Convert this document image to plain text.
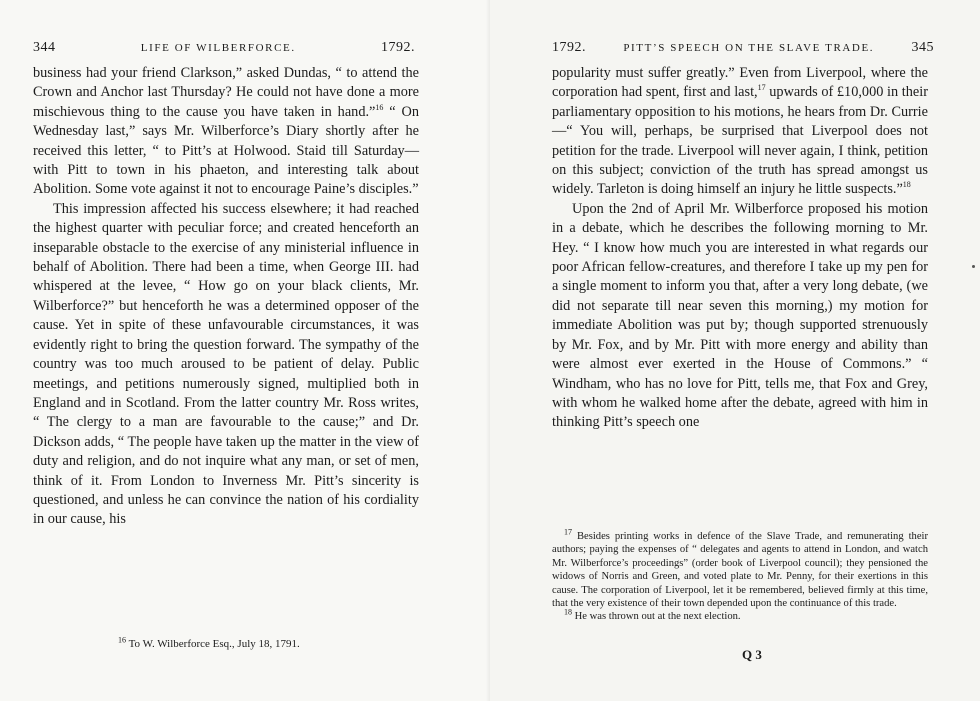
344	LIFE OF WILBERFORCE.	1792.

business had your friend Clarkson,” asked Dundas, “ to attend the Crown and Anchor last Thursday? He could not have done a more mischievous thing to the cause you have taken in hand.”$^{16}$ “ On Wednesday last,” says Mr. Wilberforce’s Diary shortly after he received this letter, “ to Pitt’s at Holwood. Staid till Saturday—with Pitt to town in his phaeton, and interesting talk about Abolition. Some vote against it not to encourage Paine’s disciples.”

This impression affected his success elsewhere; it had reached the highest quarter with peculiar force; and created henceforth an inseparable obstacle to the exercise of any ministerial influence in behalf of Abolition. There had been a time, when George III. had whispered at the levee, “ How go on your black clients, Mr. Wilberforce?” but henceforth he was a determined opposer of the cause. Yet in spite of these unfavourable circumstances, it was evidently right to bring the question forward. The sympathy of the country was too much aroused to be patient of delay. Public meetings, and petitions numerously signed, multiplied both in England and in Scotland. From the latter country Mr. Ross writes, “ The clergy to a man are favourable to the cause;” and Dr. Dickson adds, “ The people have taken up the matter in the view of duty and religion, and do not inquire what any man, or set of men, think of it. From London to Inverness Mr. Pitt’s sincerity is questioned, and unless he can convince the nation of his cordiality in our cause, his

$^{16}$ To W. Wilberforce Esq., July 18, 1791.
1792.	PITT’S SPEECH ON THE SLAVE TRADE.	345

popularity must suffer greatly.” Even from Liverpool, where the corporation had spent, first and last,$^{17}$ upwards of £10,000 in their parliamentary opposition to his motions, he hears from Dr. Currie—“ You will, perhaps, be surprised that Liverpool does not petition for the trade. Liverpool will never again, I think, petition on this subject; conviction of the truth has spread amongst us widely. Tarleton is doing himself an injury he little suspects.”$^{18}$

Upon the 2nd of April Mr. Wilberforce proposed his motion in a debate, which he describes the following morning to Mr. Hey. “ I know how much you are interested in what regards our poor African fellow-creatures, and therefore I take up my pen for a single moment to inform you that, after a very long debate, (we did not separate till near seven this morning,) my motion for immediate Abolition was put by; though supported strenuously by Mr. Fox, and by Mr. Pitt with more energy and ability than were almost ever exerted in the House of Commons.” “ Windham, who has no love for Pitt, tells me, that Fox and Grey, with whom he walked home after the debate, agreed with him in thinking Pitt’s speech one

$^{17}$ Besides printing works in defence of the Slave Trade, and remunerating their authors; paying the expenses of “ delegates and agents to attend in London, and watch Mr. Wilberforce’s proceedings” (order book of Liverpool council); they pensioned the widows of Norris and Green, and voted plate to Mr. Penny, for their exertions in this cause. The corporation of Liverpool, let it be remembered, believed firmly at this time, that the very existence of their town depended upon the continuance of this trade.

$^{18}$ He was thrown out at the next election.

Q 3
